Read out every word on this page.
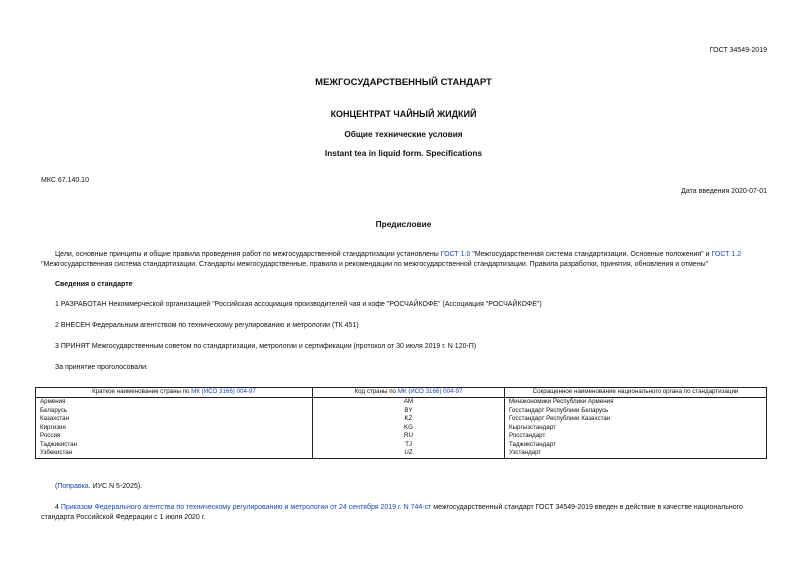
ГОСТ 34549-2019
МЕЖГОСУДАРСТВЕННЫЙ СТАНДАРТ
КОНЦЕНТРАТ ЧАЙНЫЙ ЖИДКИЙ
Общие технические условия
Instant tea in liquid form. Specifications
МКС 67.140.10
Дата введения 2020-07-01
Предисловие
Цели, основные принципы и общие правила проведения работ по межгосударственной стандартизации установлены ГОСТ 1.0 "Межгосударственная система стандартизации. Основные положения" и ГОСТ 1.2 "Межгосударственная система стандартизации. Стандарты межгосударственные, правила и рекомендации по межгосударственной стандартизации. Правила разработки, принятия, обновления и отмены"
Сведения о стандарте
1 РАЗРАБОТАН Некоммерческой организацией "Российская ассоциация производителей чая и кофе "РОСЧАЙКОФЕ" (Ассоциация "РОСЧАЙКОФЕ")
2 ВНЕСЕН Федеральным агентством по техническому регулированию и метрологии (ТК 451)
3 ПРИНЯТ Межгосударственным советом по стандартизации, метрологии и сертификации (протокол от 30 июля 2019 г. N 120-П)
За принятие проголосовали:
Краткое наименование страны по МК (ИСО 3166) 004-97	Код страны по МК (ИСО 3166) 004-97	Сокращенное наименование национального органа по стандартизации
Армения	AM	Минэкономики Республики Армения
Беларусь	BY	Госстандарт Республики Беларусь
Казахстан	KZ	Госстандарт Республики Казахстан
Киргизия	KG	Кыргызстандарт
Россия	RU	Росстандарт
Таджикистан	TJ	Таджикстандарт
Узбекистан	UZ	Узстандарт
(Поправка. ИУС N 5-2025).
4 Приказом Федерального агентства по техническому регулированию и метрологии от 24 сентября 2019 г. N 744-ст межгосударственный стандарт ГОСТ 34549-2019 введен в действие в качестве национального стандарта Российской Федерации с 1 июля 2020 г.
